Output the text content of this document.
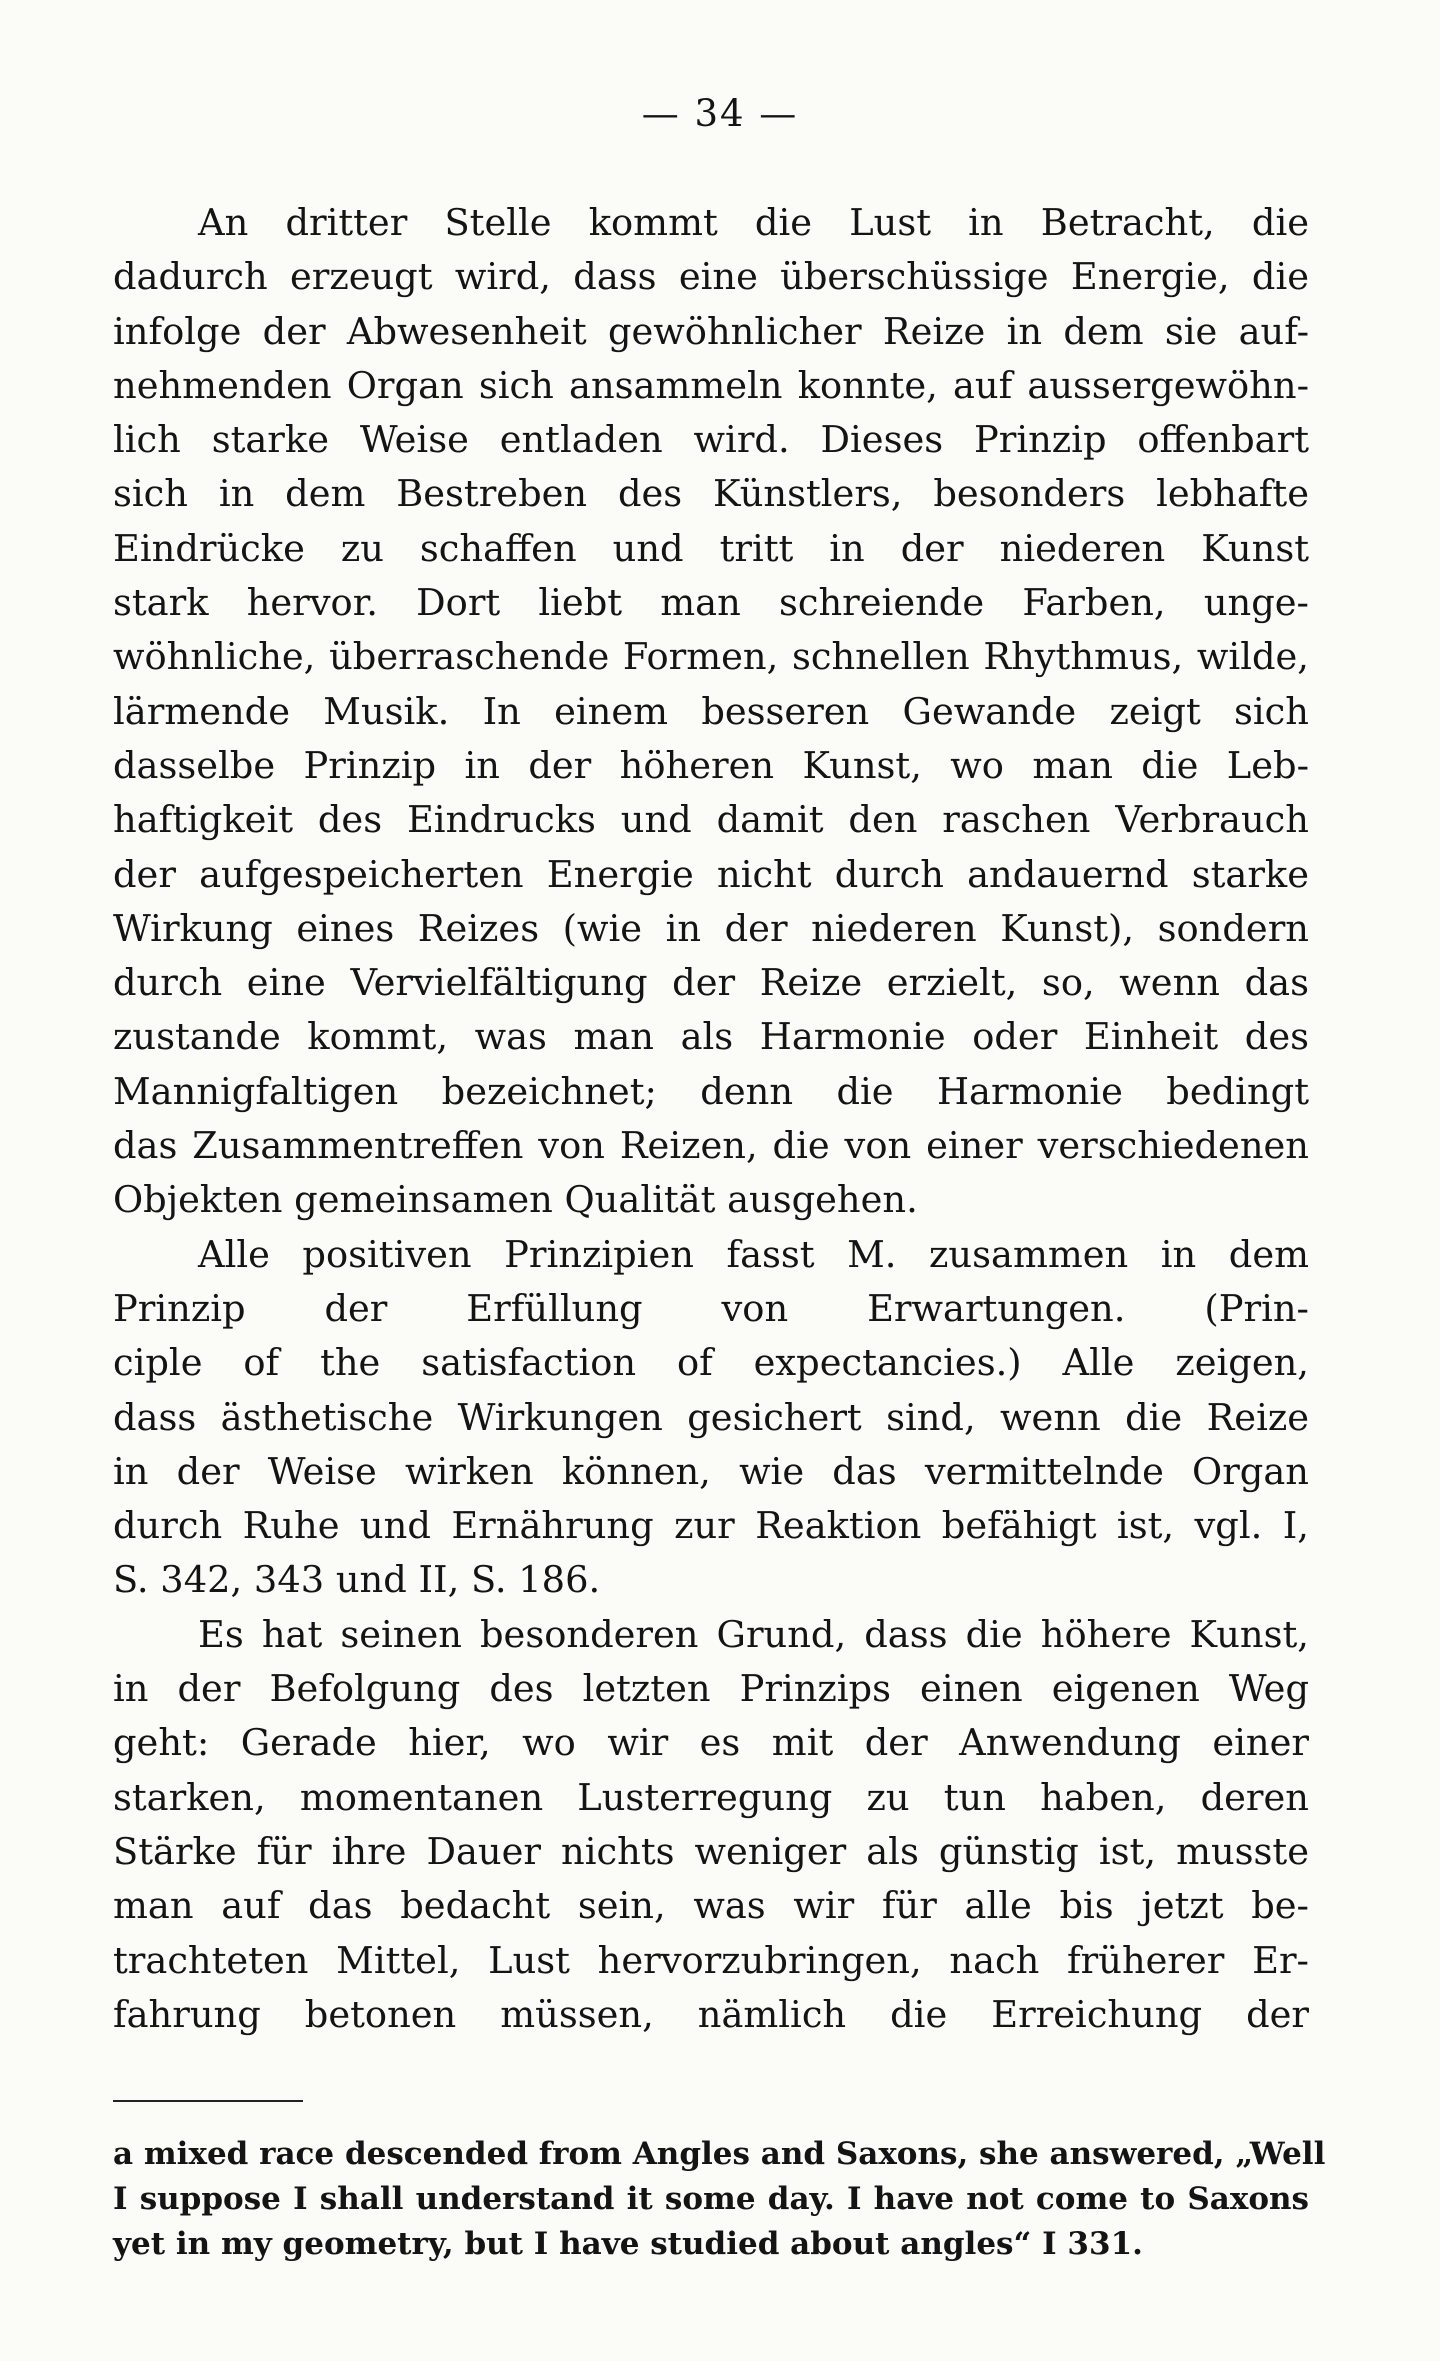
— 34 —

An dritter Stelle kommt die Lust in Betracht, die
dadurch erzeugt wird, dass eine überschüssige Energie, die
infolge der Abwesenheit gewöhnlicher Reize in dem sie auf-
nehmenden Organ sich ansammeln konnte, auf aussergewöhn-
lich starke Weise entladen wird. Dieses Prinzip offenbart
sich in dem Bestreben des Künstlers, besonders lebhafte
Eindrücke zu schaffen und tritt in der niederen Kunst
stark hervor. Dort liebt man schreiende Farben, unge-
wöhnliche, überraschende Formen, schnellen Rhythmus, wilde,
lärmende Musik. In einem besseren Gewande zeigt sich
dasselbe Prinzip in der höheren Kunst, wo man die Leb-
haftigkeit des Eindrucks und damit den raschen Verbrauch
der aufgespeicherten Energie nicht durch andauernd starke
Wirkung eines Reizes (wie in der niederen Kunst), sondern
durch eine Vervielfältigung der Reize erzielt, so, wenn das
zustande kommt, was man als Harmonie oder Einheit des
Mannigfaltigen bezeichnet; denn die Harmonie bedingt
das Zusammentreffen von Reizen, die von einer verschiedenen
Objekten gemeinsamen Qualität ausgehen.

Alle positiven Prinzipien fasst M. zusammen in dem
Prinzip der Erfüllung von Erwartungen. (Prin-
ciple of the satisfaction of expectancies.) Alle zeigen,
dass ästhetische Wirkungen gesichert sind, wenn die Reize
in der Weise wirken können, wie das vermittelnde Organ
durch Ruhe und Ernährung zur Reaktion befähigt ist, vgl. I,
S. 342, 343 und II, S. 186.

Es hat seinen besonderen Grund, dass die höhere Kunst,
in der Befolgung des letzten Prinzips einen eigenen Weg
geht: Gerade hier, wo wir es mit der Anwendung einer
starken, momentanen Lusterregung zu tun haben, deren
Stärke für ihre Dauer nichts weniger als günstig ist, musste
man auf das bedacht sein, was wir für alle bis jetzt be-
trachteten Mittel, Lust hervorzubringen, nach früherer Er-
fahrung betonen müssen, nämlich die Erreichung der

a mixed race descended from Angles and Saxons, she answered, „Well
I suppose I shall understand it some day. I have not come to Saxons
yet in my geometry, but I have studied about angles“ I 331.
